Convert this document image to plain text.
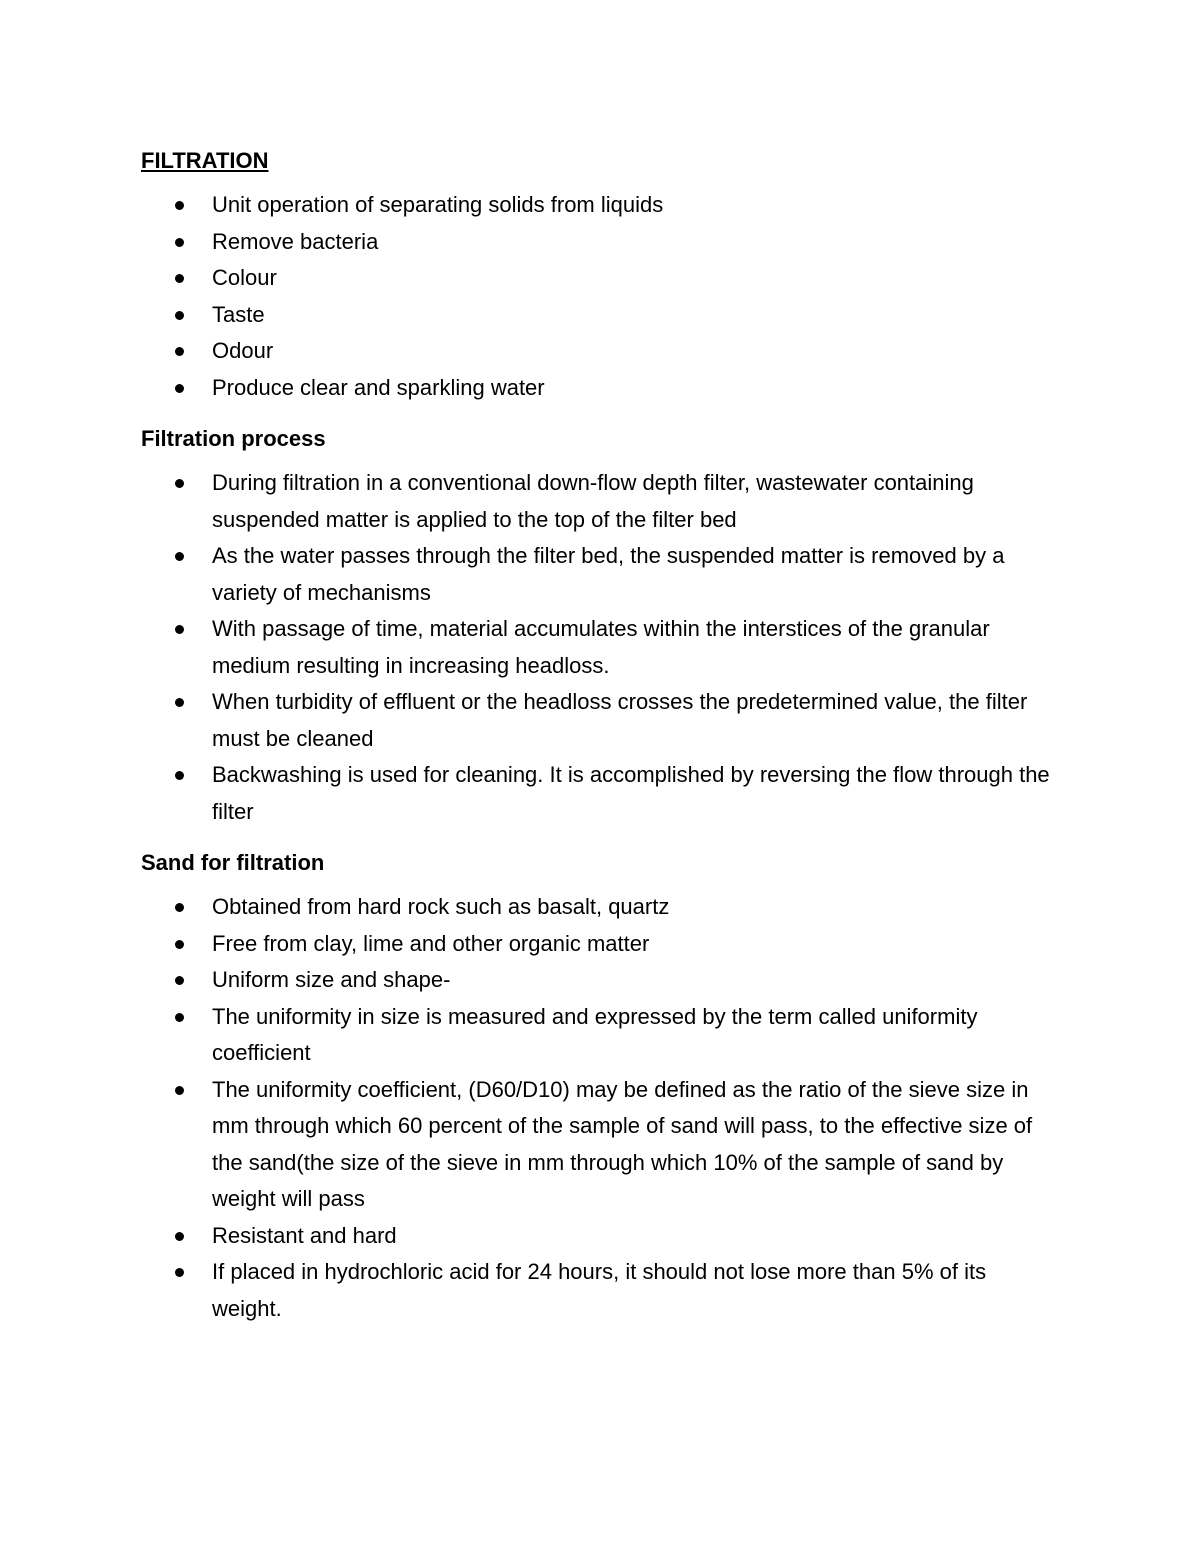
FILTRATION
Unit operation of separating solids from liquids
Remove bacteria
Colour
Taste
Odour
Produce clear and sparkling water
Filtration process
During filtration in a conventional down-flow depth filter, wastewater containing suspended matter is applied to the top of the filter bed
As the water passes through the filter bed, the suspended matter is removed by a variety of mechanisms
With passage of time, material accumulates within the interstices of the granular medium resulting in increasing headloss.
When turbidity of effluent or the headloss crosses the predetermined value, the filter must be cleaned
Backwashing is used for cleaning. It is accomplished by reversing the flow through the filter
Sand for filtration
Obtained from hard rock such as basalt, quartz
Free from clay, lime and other organic matter
Uniform size and shape-
The uniformity in size is measured and expressed by the term called uniformity coefficient
The uniformity coefficient, (D60/D10) may be defined as the ratio of the sieve size in mm through which 60 percent of the sample of sand will pass, to the effective size of the sand(the size of the sieve in mm through which 10% of the sample of sand by weight will pass
Resistant and hard
If placed in hydrochloric acid for 24 hours, it should not lose more than 5% of its weight.
